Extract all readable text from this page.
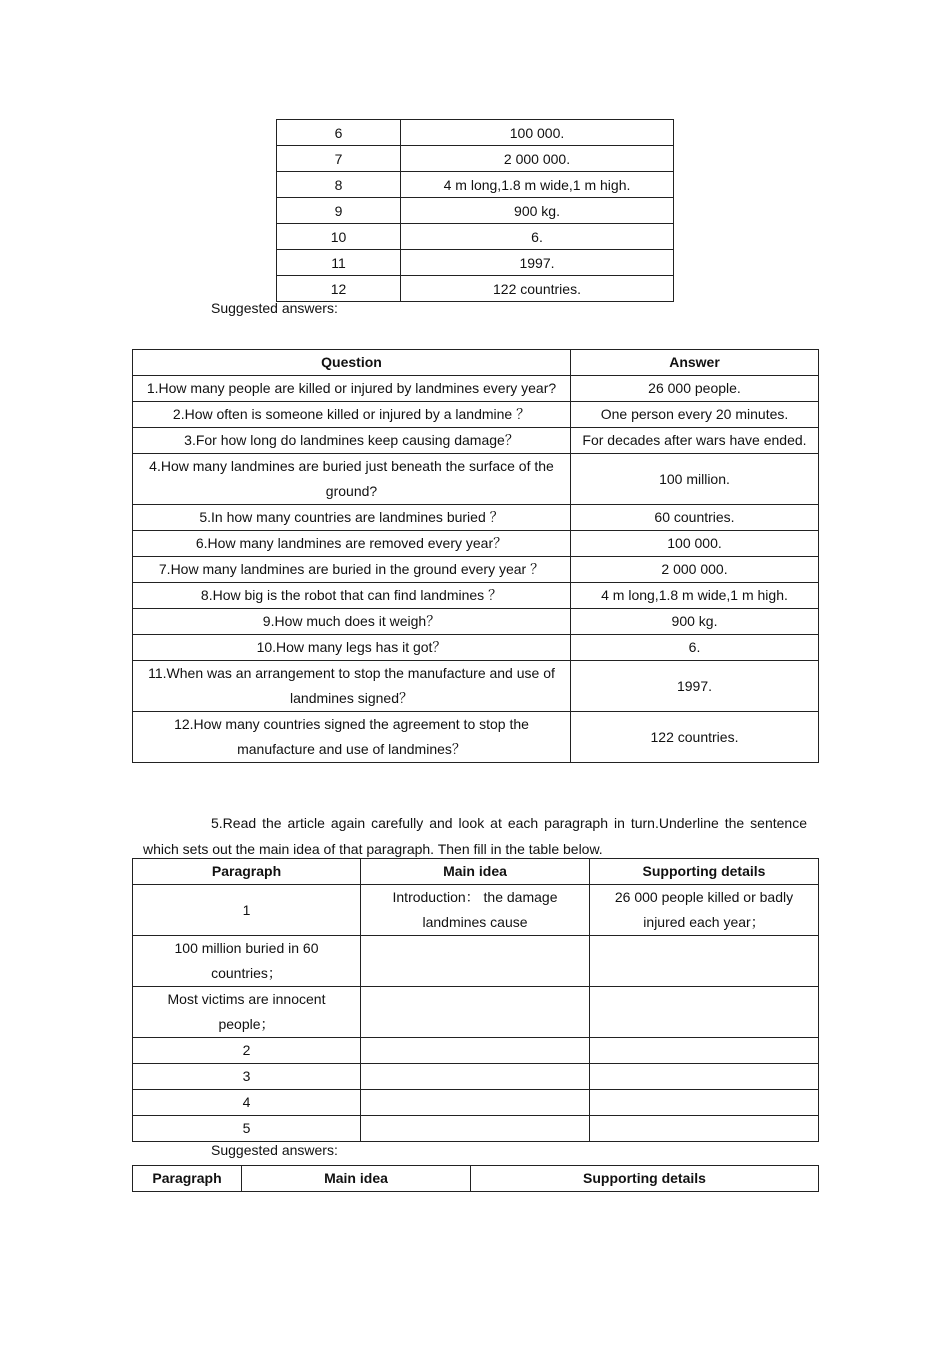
6	100 000.
7	2 000 000.
8	4 m long,1.8 m wide,1 m high.
9	900 kg.
10	6.
11	1997.
12	122 countries.
Suggested answers:
Question	Answer
1.How many people are killed or injured by landmines every year?	26 000 people.
2.How often is someone killed or injured by a landmine ？	One person every 20 minutes.
3.For how long do landmines keep causing damage？	For decades after wars have ended.
4.How many landmines are buried just beneath the surface of the ground?	100 million.
5.In how many countries are landmines buried ？	60 countries.
6.How many landmines are removed every year？	100 000.
7.How many landmines are buried in the ground every year ？	2 000 000.
8.How big is the robot that can find landmines ？	4 m long,1.8 m wide,1 m high.
9.How much does it weigh？	900 kg.
10.How many legs has it got？	6.
11.When was an arrangement to stop the manufacture and use of landmines signed？	1997.
12.How many countries signed the agreement to stop the manufacture and use of landmines？	122 countries.
5.Read the article again carefully and look at each paragraph in turn.Underline the sentence which sets out the main idea of that paragraph. Then fill in the table below.
Paragraph	Main idea	Supporting details
1	Introduction： the damage landmines cause	26 000 people killed or badly injured each year；
100 million buried in 60 countries；		
Most victims are innocent people；		
2		
3		
4		
5		
Suggested answers:
Paragraph	Main idea	Supporting details
